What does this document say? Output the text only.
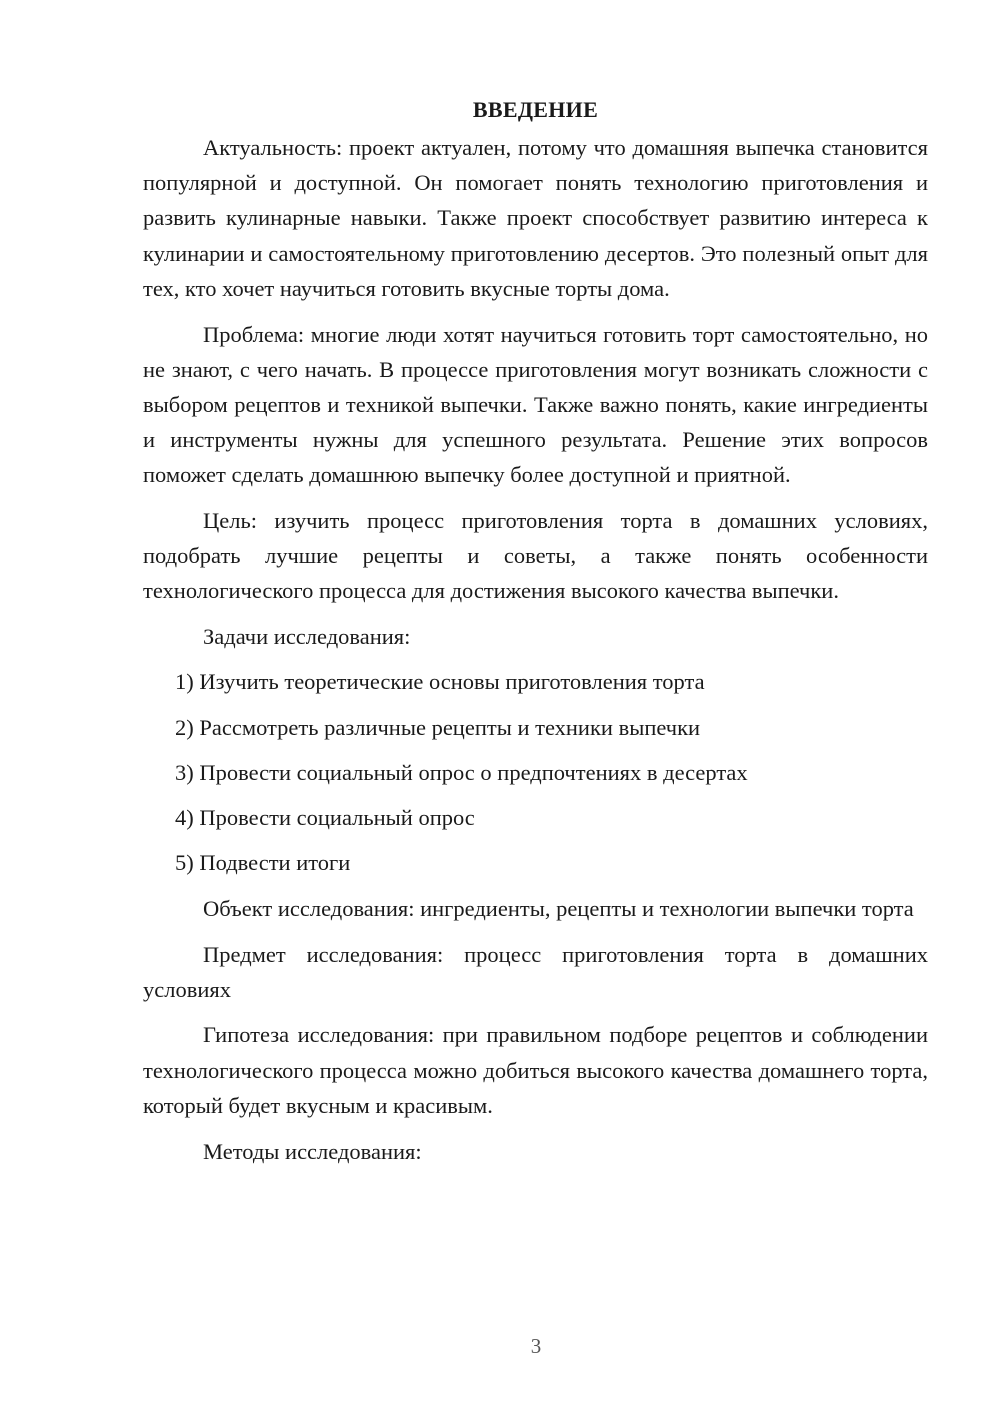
ВВЕДЕНИЕ

Актуальность: проект актуален, потому что домашняя выпечка становится популярной и доступной. Он помогает понять технологию приготовления и развить кулинарные навыки. Также проект способствует развитию интереса к кулинарии и самостоятельному приготовлению десертов. Это полезный опыт для тех, кто хочет научиться готовить вкусные торты дома.

Проблема: многие люди хотят научиться готовить торт самостоятельно, но не знают, с чего начать. В процессе приготовления могут возникать сложности с выбором рецептов и техникой выпечки. Также важно понять, какие ингредиенты и инструменты нужны для успешного результата. Решение этих вопросов поможет сделать домашнюю выпечку более доступной и приятной.

Цель: изучить процесс приготовления торта в домашних условиях, подобрать лучшие рецепты и советы, а также понять особенности технологического процесса для достижения высокого качества выпечки.

Задачи исследования:

1) Изучить теоретические основы приготовления торта

2) Рассмотреть различные рецепты и техники выпечки

3) Провести социальный опрос о предпочтениях в десертах

4) Провести социальный опрос

5) Подвести итоги

Объект исследования: ингредиенты, рецепты и технологии выпечки торта

Предмет исследования: процесс приготовления торта в домашних условиях

Гипотеза исследования: при правильном подборе рецептов и соблюдении технологического процесса можно добиться высокого качества домашнего торта, который будет вкусным и красивым.

Методы исследования:

3
